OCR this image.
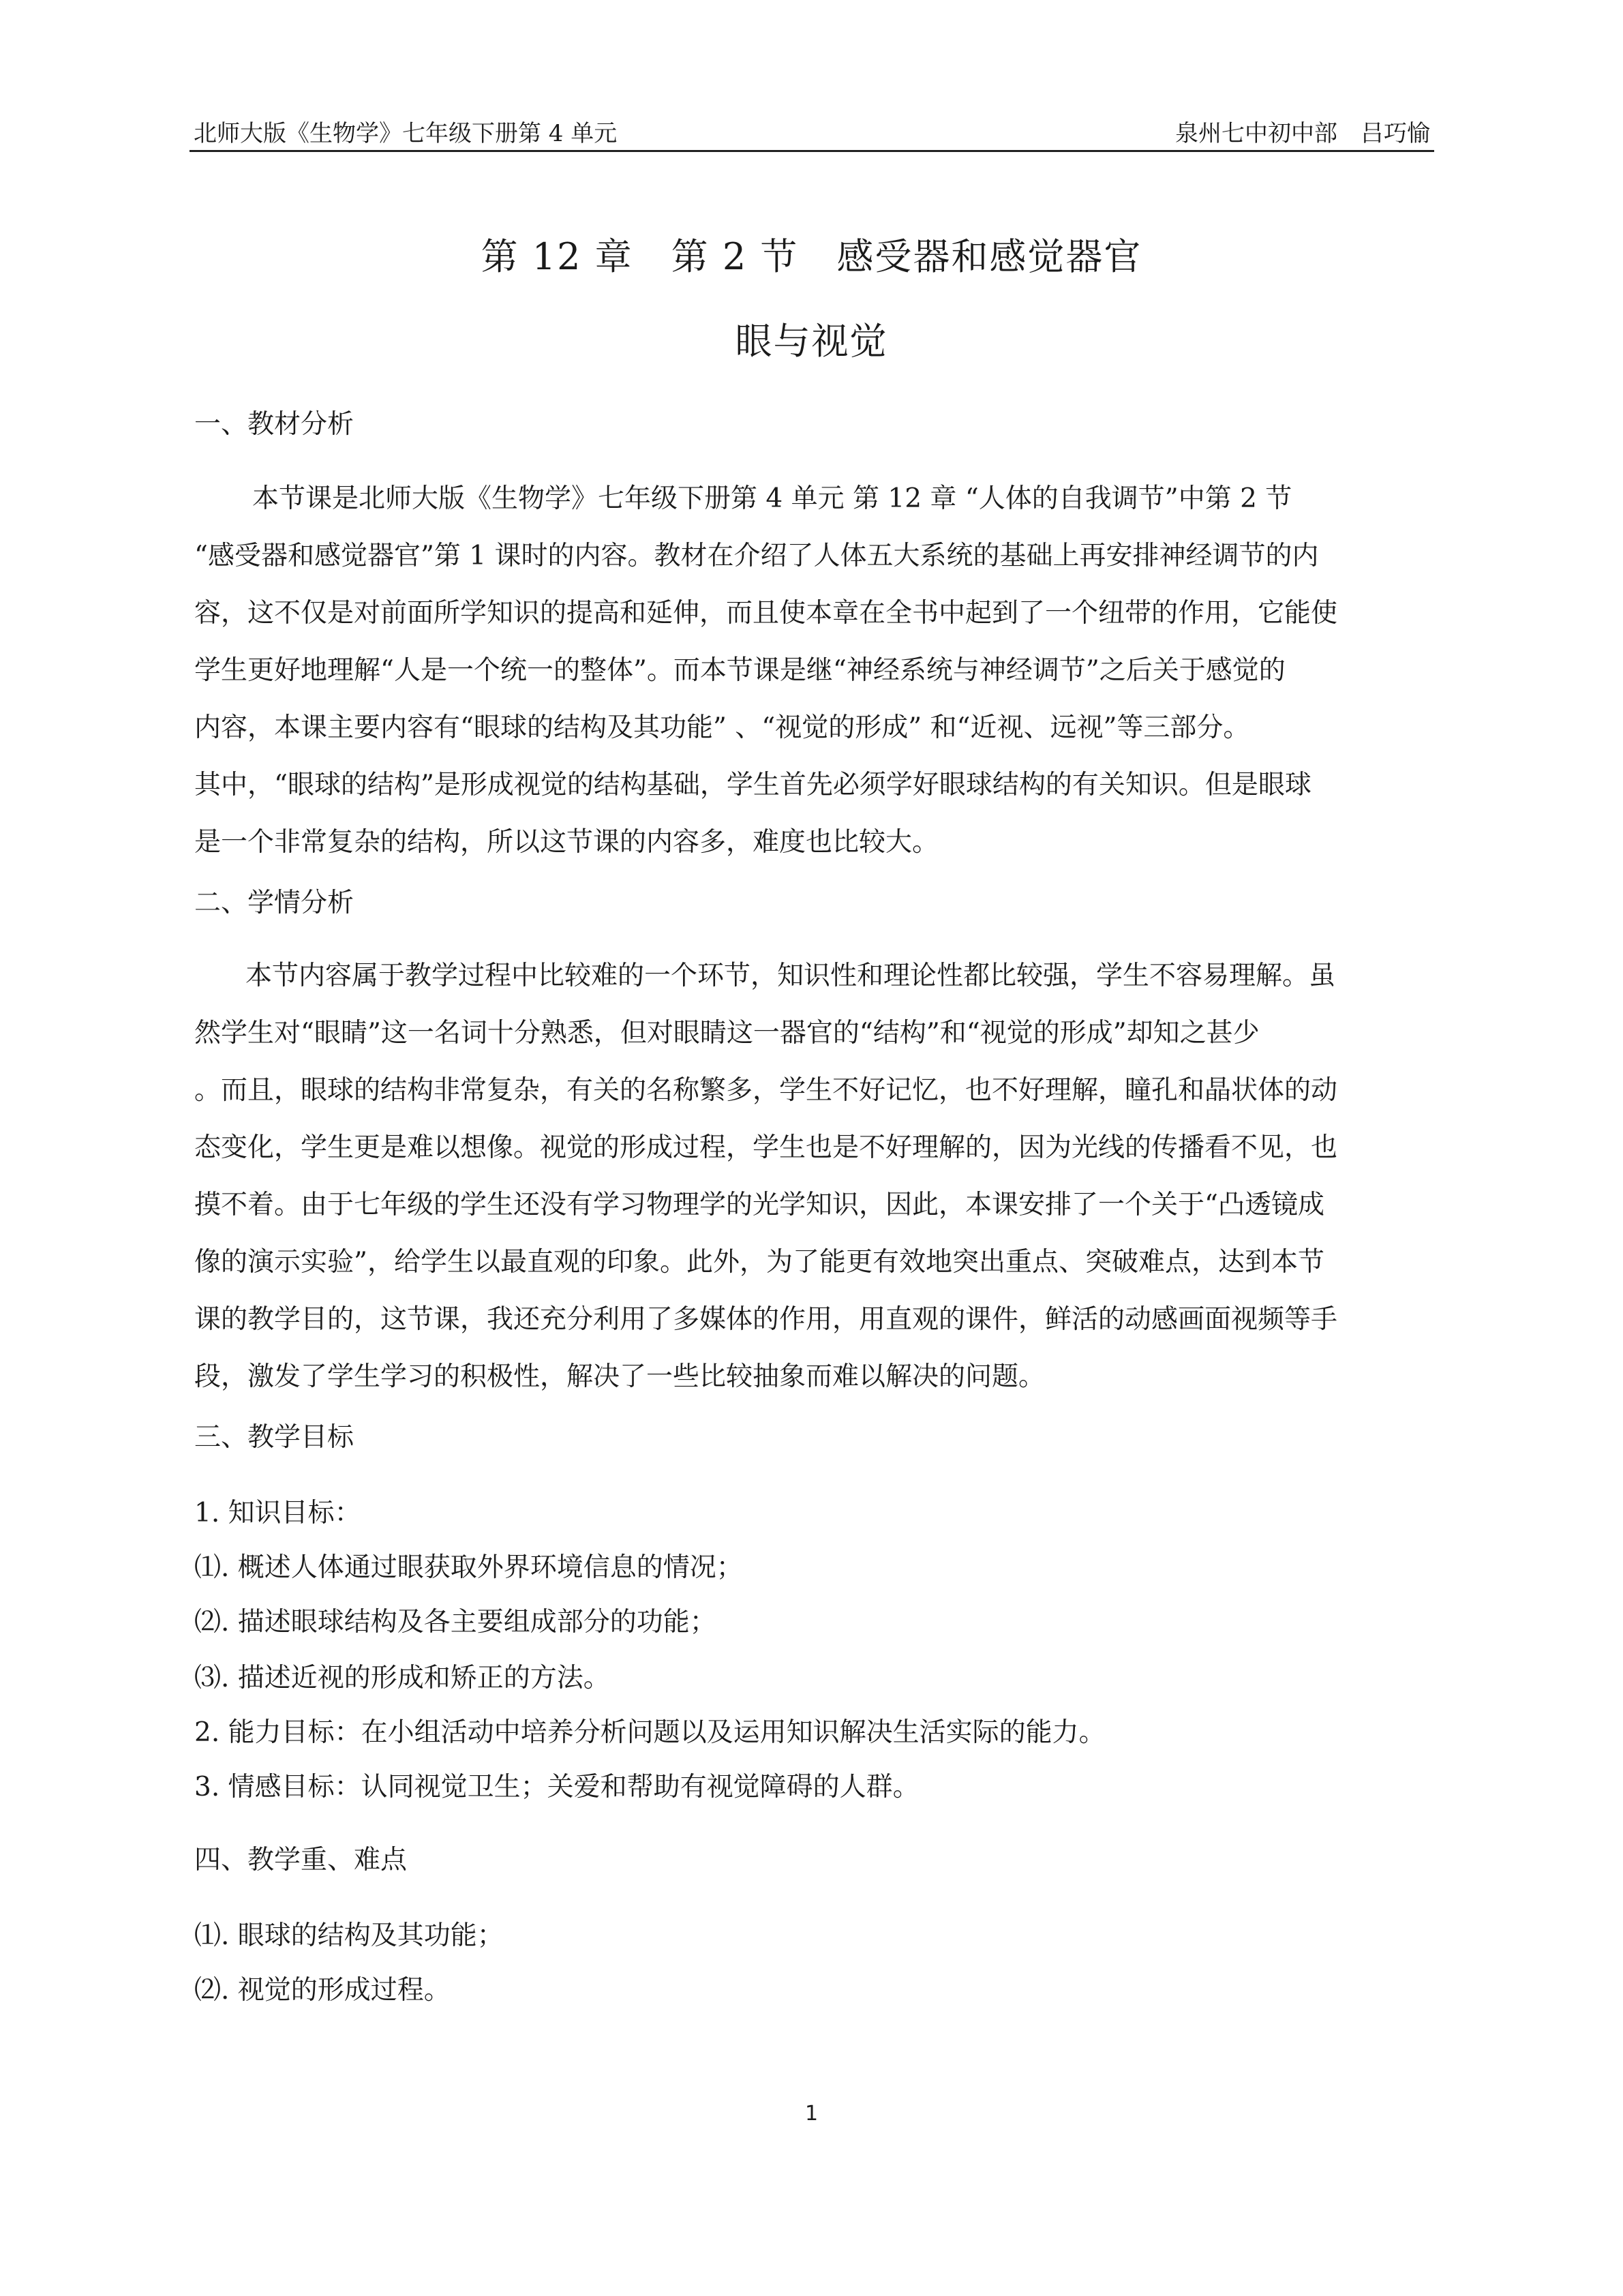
北师大版《生物学》七年级下册第 4 单元	泉州七中初中部　吕巧愉
第 12 章　第 2 节　感受器和感觉器官
眼与视觉
一、教材分析
本节课是北师大版《生物学》七年级下册第 4 单元 第 12 章 “人体的自我调节”中第 2 节
“感受器和感觉器官”第 1 课时的内容。教材在介绍了人体五大系统的基础上再安排神经调节的内
容，这不仅是对前面所学知识的提高和延伸，而且使本章在全书中起到了一个纽带的作用，它能使
学生更好地理解“人是一个统一的整体”。而本节课是继“神经系统与神经调节”之后关于感觉的
内容，本课主要内容有“眼球的结构及其功能” 、“视觉的形成” 和“近视、远视”等三部分。
其中，“眼球的结构”是形成视觉的结构基础，学生首先必须学好眼球结构的有关知识。但是眼球
是一个非常复杂的结构，所以这节课的内容多，难度也比较大。
二、学情分析
本节内容属于教学过程中比较难的一个环节，知识性和理论性都比较强，学生不容易理解。虽
然学生对“眼睛”这一名词十分熟悉，但对眼睛这一器官的“结构”和“视觉的形成”却知之甚少
。而且，眼球的结构非常复杂，有关的名称繁多，学生不好记忆，也不好理解，瞳孔和晶状体的动
态变化，学生更是难以想像。视觉的形成过程，学生也是不好理解的，因为光线的传播看不见，也
摸不着。由于七年级的学生还没有学习物理学的光学知识，因此，本课安排了一个关于“凸透镜成
像的演示实验”，给学生以最直观的印象。此外，为了能更有效地突出重点、突破难点，达到本节
课的教学目的，这节课，我还充分利用了多媒体的作用，用直观的课件，鲜活的动感画面视频等手
段，激发了学生学习的积极性，解决了一些比较抽象而难以解决的问题。
三、教学目标
1. 知识目标：
⑴. 概述人体通过眼获取外界环境信息的情况；
⑵. 描述眼球结构及各主要组成部分的功能；
⑶. 描述近视的形成和矫正的方法。
2. 能力目标：在小组活动中培养分析问题以及运用知识解决生活实际的能力。
3. 情感目标：认同视觉卫生；关爱和帮助有视觉障碍的人群。
四、教学重、难点
⑴. 眼球的结构及其功能；
⑵. 视觉的形成过程。
1
